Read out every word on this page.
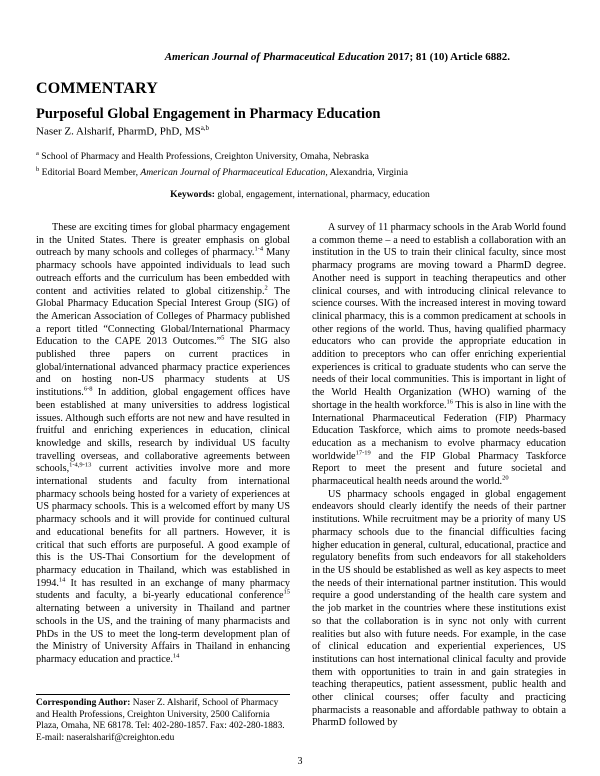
American Journal of Pharmaceutical Education 2017; 81 (10) Article 6882.
COMMENTARY
Purposeful Global Engagement in Pharmacy Education
Naser Z. Alsharif, PharmD, PhD, MS$^{a,b}$
$^a$ School of Pharmacy and Health Professions, Creighton University, Omaha, Nebraska
$^b$ Editorial Board Member, American Journal of Pharmaceutical Education, Alexandria, Virginia
Keywords: global, engagement, international, pharmacy, education

These are exciting times for global pharmacy engagement in the United States. There is greater emphasis on global outreach by many schools and colleges of pharmacy.$^{1-4}$ Many pharmacy schools have appointed individuals to lead such outreach efforts and the curriculum has been embedded with content and activities related to global citizenship.$^2$ The Global Pharmacy Education Special Interest Group (SIG) of the American Association of Colleges of Pharmacy published a report titled “Connecting Global/International Pharmacy Education to the CAPE 2013 Outcomes.”$^5$ The SIG also published three papers on current practices in global/international advanced pharmacy practice experiences and on hosting non-US pharmacy students at US institutions.$^{6-8}$ In addition, global engagement offices have been established at many universities to address logistical issues. Although such efforts are not new and have resulted in fruitful and enriching experiences in education, clinical knowledge and skills, research by individual US faculty travelling overseas, and collaborative agreements between schools,$^{1-4,9-13}$ current activities involve more and more international students and faculty from international pharmacy schools being hosted for a variety of experiences at US pharmacy schools. This is a welcomed effort by many US pharmacy schools and it will provide for continued cultural and educational benefits for all partners. However, it is critical that such efforts are purposeful. A good example of this is the US-Thai Consortium for the development of pharmacy education in Thailand, which was established in 1994.14 It has resulted in an exchange of many pharmacy students and faculty, a bi-yearly educational conference$^{15}$ alternating between a university in Thailand and partner schools in the US, and the training of many pharmacists and PhDs in the US to meet the long-term development plan of the Ministry of University Affairs in Thailand in enhancing pharmacy education and practice.$^{14}$

A survey of 11 pharmacy schools in the Arab World found a common theme – a need to establish a collaboration with an institution in the US to train their clinical faculty, since most pharmacy programs are moving toward a PharmD degree. Another need is support in teaching therapeutics and other clinical courses, and with introducing clinical relevance to science courses. With the increased interest in moving toward clinical pharmacy, this is a common predicament at schools in other regions of the world. Thus, having qualified pharmacy educators who can provide the appropriate education in addition to preceptors who can offer enriching experiential experiences is critical to graduate students who can serve the needs of their local communities. This is important in light of the World Health Organization (WHO) warning of the shortage in the health workforce.$^{16}$ This is also in line with the International Pharmaceutical Federation (FIP) Pharmacy Education Taskforce, which aims to promote needs-based education as a mechanism to evolve pharmacy education worldwide$^{17-19}$ and the FIP Global Pharmacy Taskforce Report to meet the present and future societal and pharmaceutical health needs around the world.$^{20}$

US pharmacy schools engaged in global engagement endeavors should clearly identify the needs of their partner institutions. While recruitment may be a priority of many US pharmacy schools due to the financial difficulties facing higher education in general, cultural, educational, practice and regulatory benefits from such endeavors for all stakeholders in the US should be established as well as key aspects to meet the needs of their international partner institution. This would require a good understanding of the health care system and the job market in the countries where these institutions exist so that the collaboration is in sync not only with current realities but also with future needs. For example, in the case of clinical education and experiential experiences, US institutions can host international clinical faculty and provide them with opportunities to train in and gain strategies in teaching therapeutics, patient assessment, public health and other clinical courses; offer faculty and practicing pharmacists a reasonable and affordable pathway to obtain a PharmD followed by

Corresponding Author: Naser Z. Alsharif, School of Pharmacy and Health Professions, Creighton University, 2500 California Plaza, Omaha, NE 68178. Tel: 402-280-1857. Fax: 402-280-1883. E-mail: naseralsharif@creighton.edu
3
